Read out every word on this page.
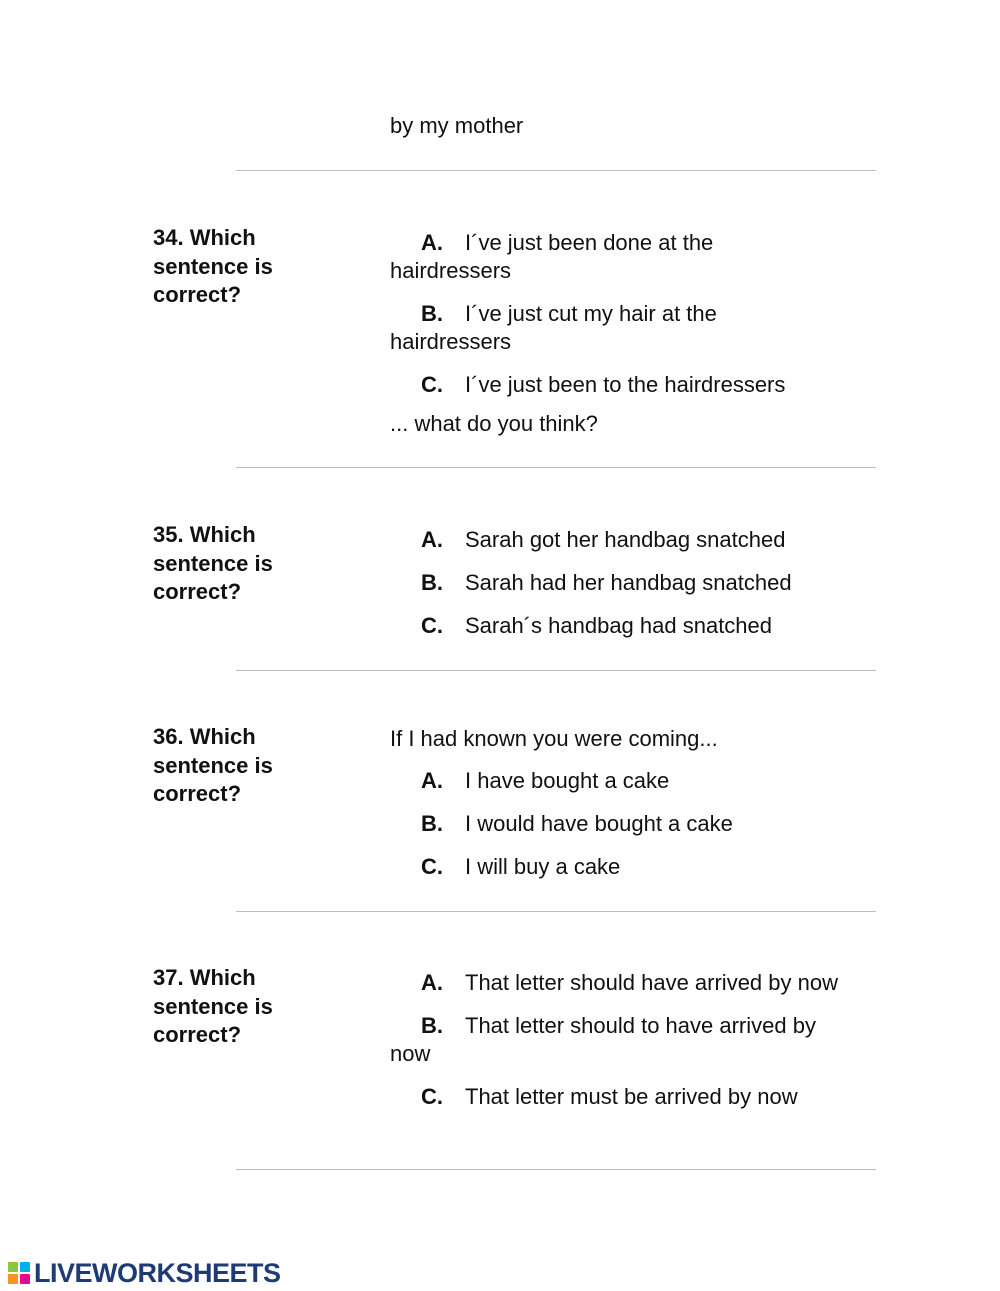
by my mother
34. Which sentence is correct?
A. I´ve just been done at the hairdressers
B. I´ve just cut my hair at the hairdressers
C. I´ve just been to the hairdressers
... what do you think?
35. Which sentence is correct?
A. Sarah got her handbag snatched
B. Sarah had her handbag snatched
C. Sarah´s handbag had snatched
36. Which sentence is correct?
If I had known you were coming...
A. I have bought a cake
B. I would have bought a cake
C. I will buy a cake
37. Which sentence is correct?
A. That letter should have arrived by now
B. That letter should to have arrived by now
C. That letter must be arrived by now
LIVEWORKSHEETS
